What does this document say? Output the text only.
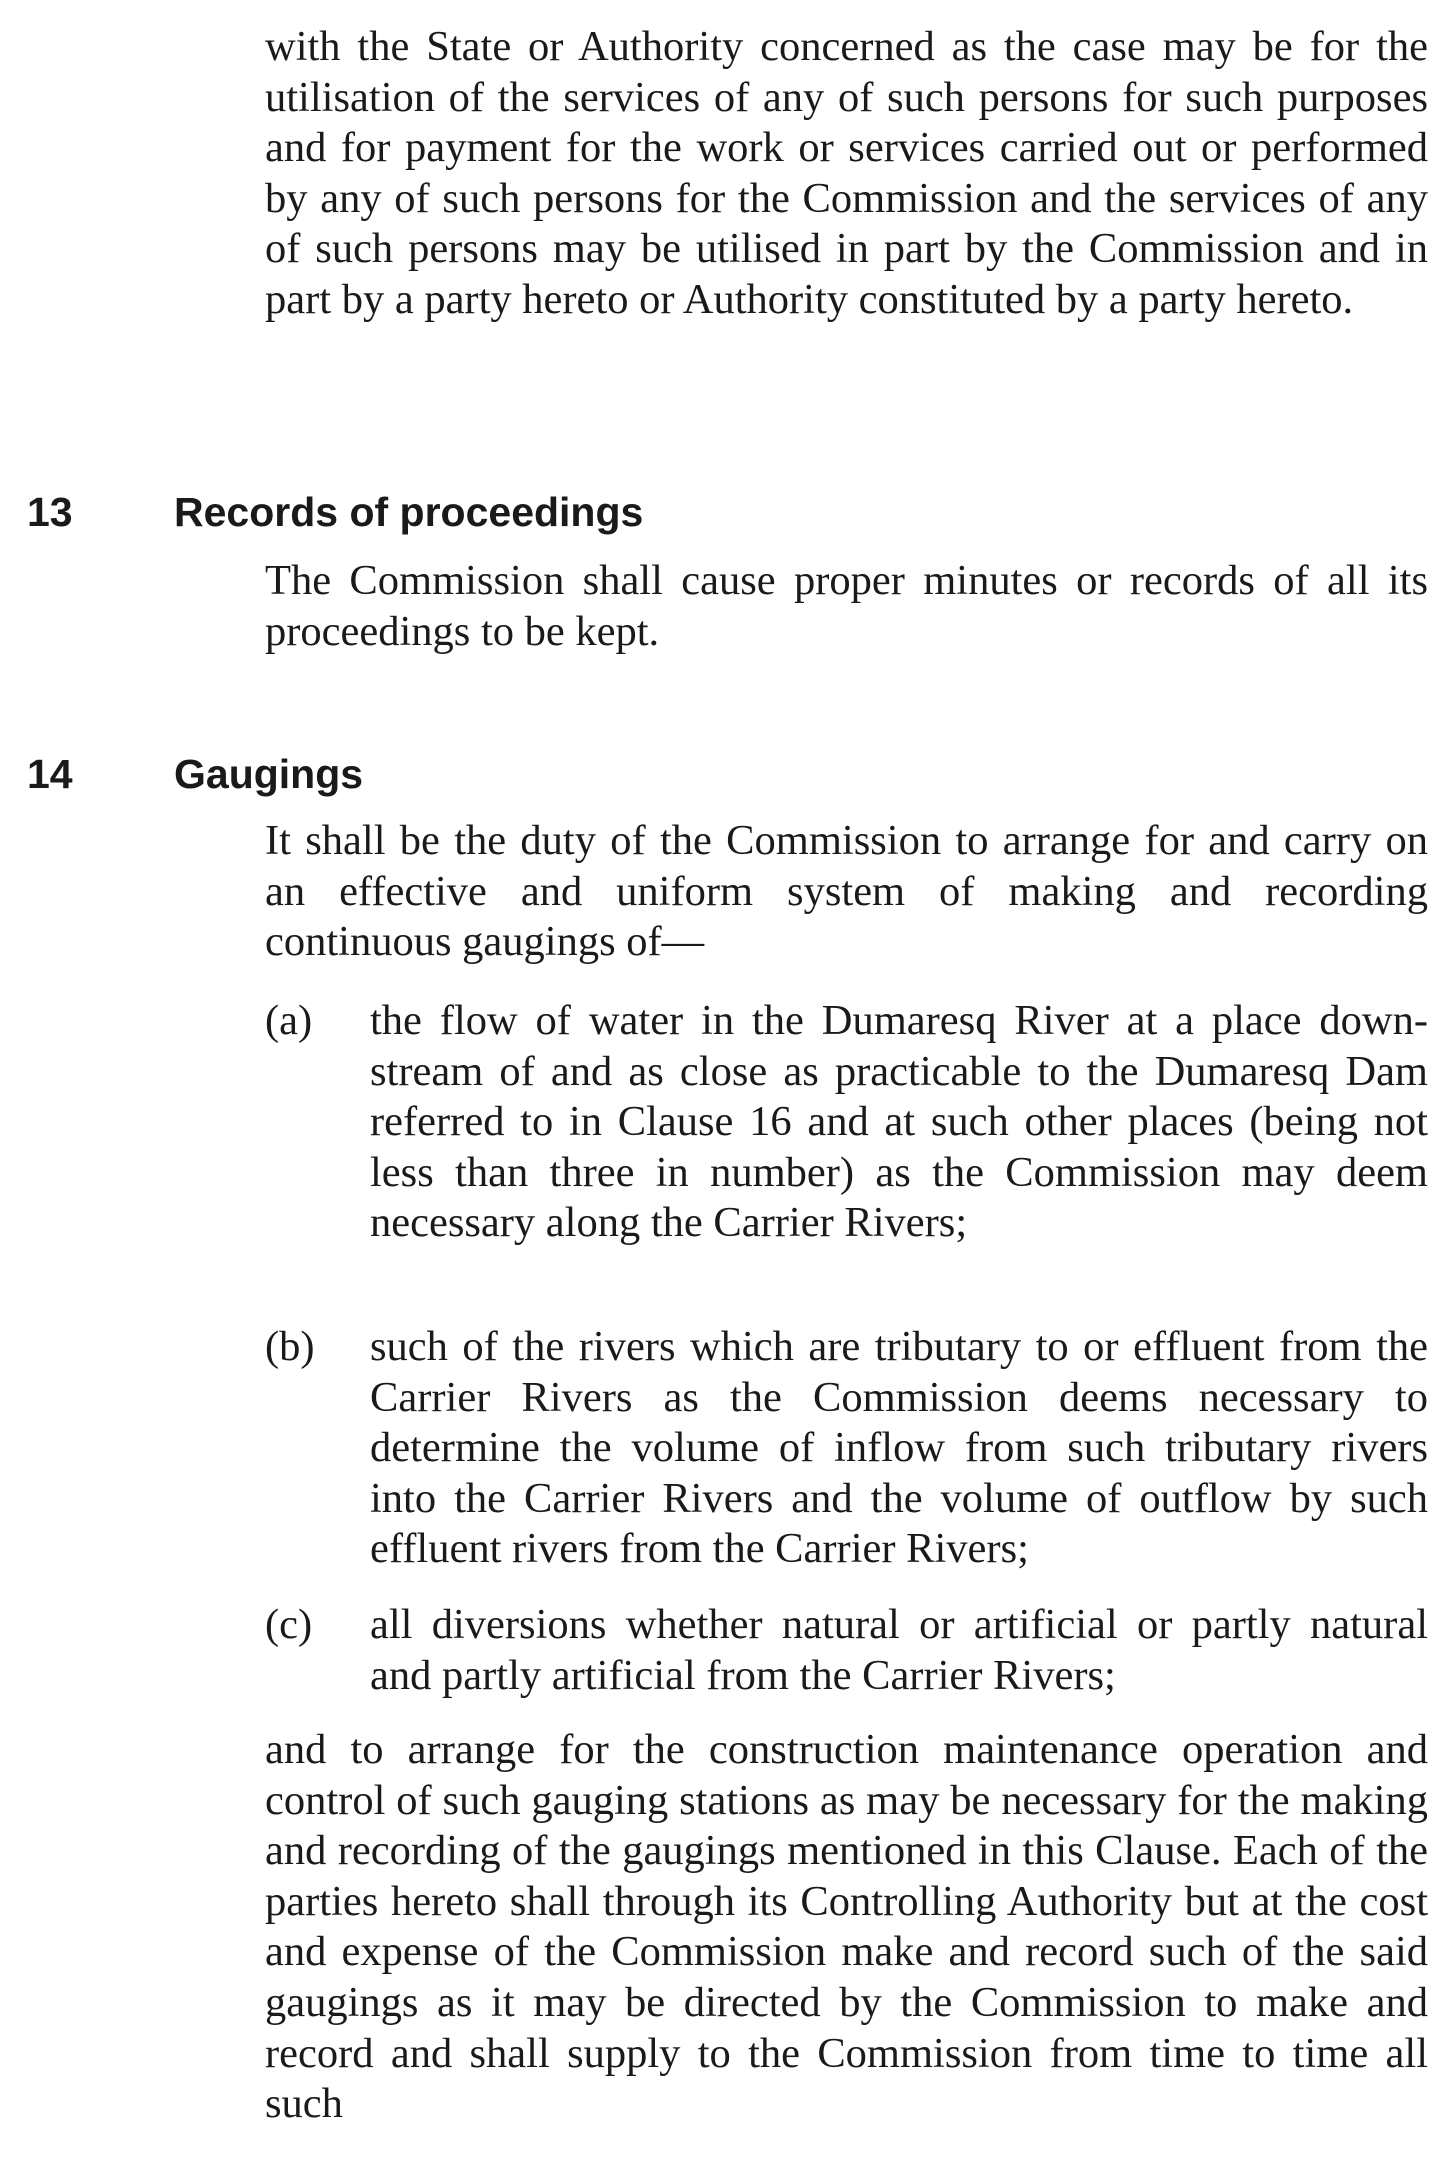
with the State or Authority concerned as the case may be for the utilisation of the services of any of such persons for such purposes and for payment for the work or services carried out or performed by any of such persons for the Commission and the services of any of such persons may be utilised in part by the Commission and in part by a party hereto or Authority constituted by a party hereto.

13 Records of proceedings

The Commission shall cause proper minutes or records of all its proceedings to be kept.

14 Gaugings

It shall be the duty of the Commission to arrange for and carry on an effective and uniform system of making and recording continuous gaugings of—

(a) the flow of water in the Dumaresq River at a place down-stream of and as close as practicable to the Dumaresq Dam referred to in Clause 16 and at such other places (being not less than three in number) as the Commission may deem necessary along the Carrier Rivers;
(b) such of the rivers which are tributary to or effluent from the Carrier Rivers as the Commission deems necessary to determine the volume of inflow from such tributary rivers into the Carrier Rivers and the volume of outflow by such effluent rivers from the Carrier Rivers;
(c) all diversions whether natural or artificial or partly natural and partly artificial from the Carrier Rivers;

and to arrange for the construction maintenance operation and control of such gauging stations as may be necessary for the making and recording of the gaugings mentioned in this Clause. Each of the parties hereto shall through its Controlling Authority but at the cost and expense of the Commission make and record such of the said gaugings as it may be directed by the Commission to make and record and shall supply to the Commission from time to time all such
